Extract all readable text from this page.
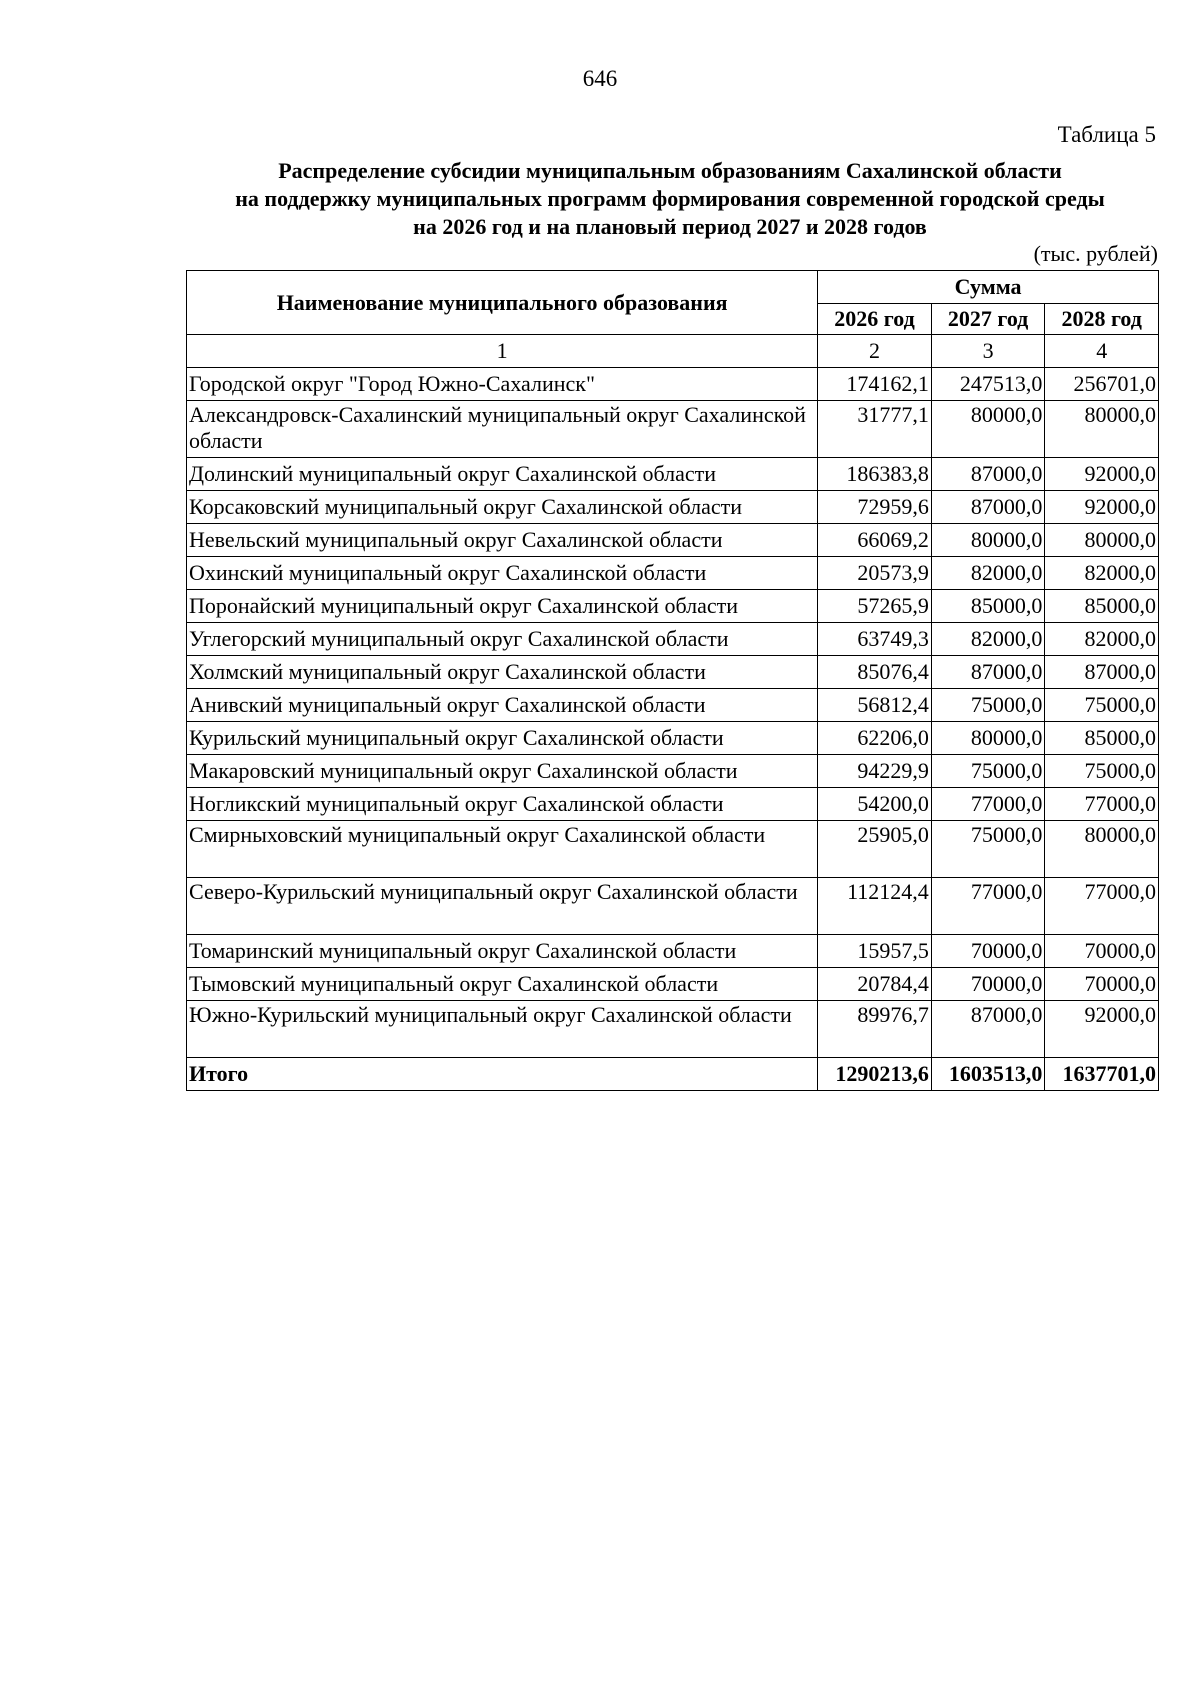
646
Таблица 5
Распределение субсидии муниципальным образованиям Сахалинской области
на поддержку муниципальных программ формирования современной городской среды
на 2026 год и на плановый период 2027 и 2028 годов
(тыс. рублей)
Наименование муниципального образования	Сумма		
	2026 год	2027 год	2028 год
1	2	3	4
Городской округ "Город Южно-Сахалинск"	174162,1	247513,0	256701,0
Александровск-Сахалинский муниципальный округ Сахалинской области	31777,1	80000,0	80000,0
Долинский муниципальный округ Сахалинской области	186383,8	87000,0	92000,0
Корсаковский муниципальный округ Сахалинской области	72959,6	87000,0	92000,0
Невельский муниципальный округ Сахалинской области	66069,2	80000,0	80000,0
Охинский муниципальный округ Сахалинской области	20573,9	82000,0	82000,0
Поронайский муниципальный округ Сахалинской области	57265,9	85000,0	85000,0
Углегорский муниципальный округ Сахалинской области	63749,3	82000,0	82000,0
Холмский муниципальный округ Сахалинской области	85076,4	87000,0	87000,0
Анивский муниципальный округ Сахалинской области	56812,4	75000,0	75000,0
Курильский муниципальный округ Сахалинской области	62206,0	80000,0	85000,0
Макаровский муниципальный округ Сахалинской области	94229,9	75000,0	75000,0
Ногликский муниципальный округ Сахалинской области	54200,0	77000,0	77000,0
Смирныховский муниципальный округ Сахалинской области	25905,0	75000,0	80000,0
Северо-Курильский муниципальный округ Сахалинской области	112124,4	77000,0	77000,0
Томаринский муниципальный округ Сахалинской области	15957,5	70000,0	70000,0
Тымовский муниципальный округ Сахалинской области	20784,4	70000,0	70000,0
Южно-Курильский муниципальный округ Сахалинской области	89976,7	87000,0	92000,0
Итого	1290213,6	1603513,0	1637701,0
